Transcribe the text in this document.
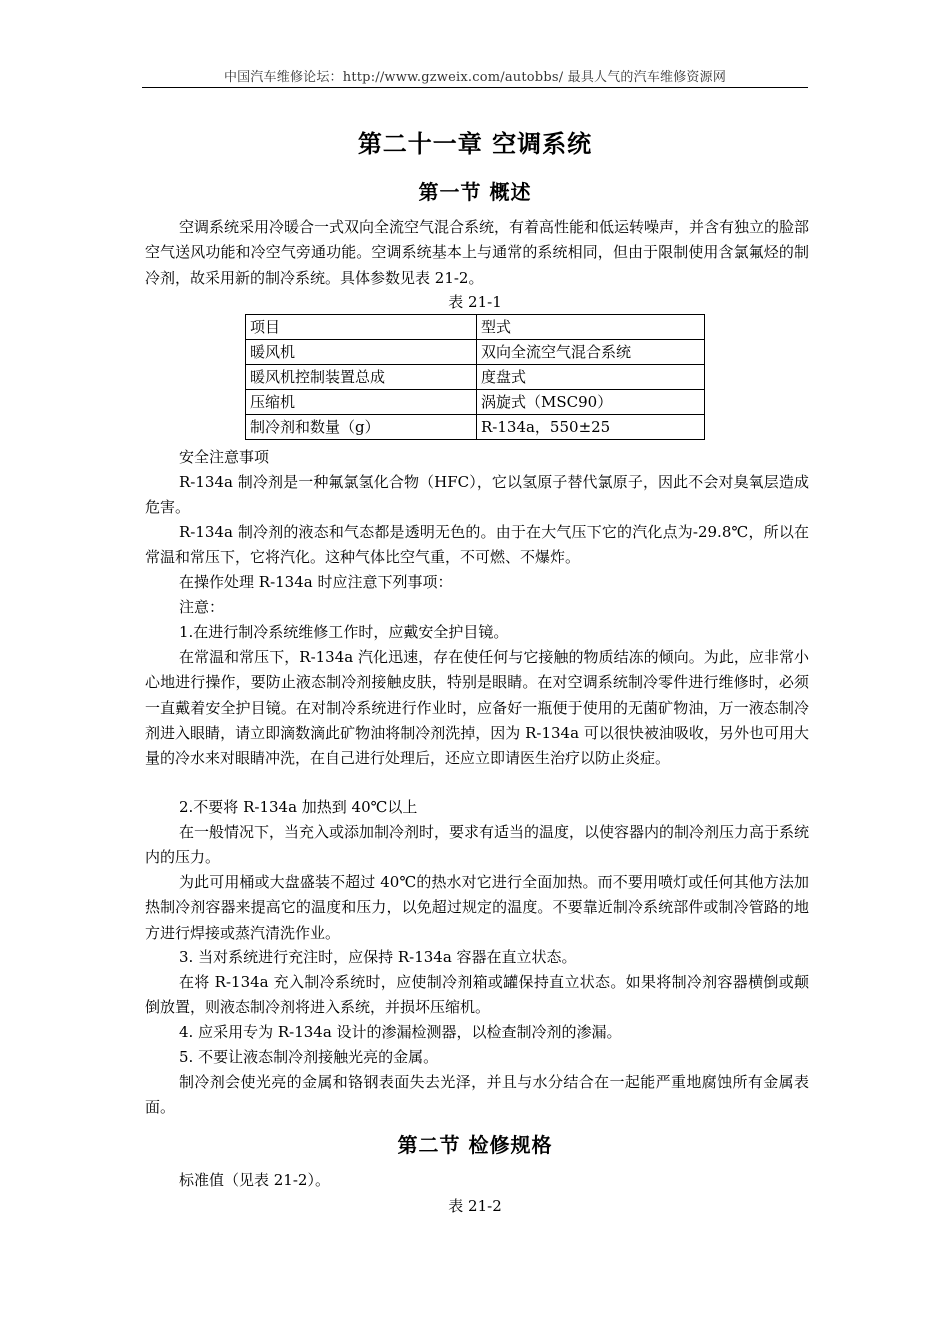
中国汽车维修论坛：http://www.gzweix.com/autobbs/ 最具人气的汽车维修资源网
第二十一章 空调系统
第一节 概述

空调系统采用冷暖合一式双向全流空气混合系统，有着高性能和低运转噪声，并含有独立的脸部空气送风功能和冷空气旁通功能。空调系统基本上与通常的系统相同，但由于限制使用含氯氟烃的制冷剂，故采用新的制冷系统。具体参数见表 21-2。

表 21-1
项目	型式
暖风机	双向全流空气混合系统
暖风机控制装置总成	度盘式
压缩机	涡旋式（MSC90）
制冷剂和数量（g）	R-134a，550±25

安全注意事项

R-134a 制冷剂是一种氟氯氢化合物（HFC），它以氢原子替代氯原子，因此不会对臭氧层造成危害。

R-134a 制冷剂的液态和气态都是透明无色的。由于在大气压下它的汽化点为-29.8℃，所以在常温和常压下，它将汽化。这种气体比空气重，不可燃、不爆炸。

在操作处理 R-134a 时应注意下列事项：

注意：

1.在进行制冷系统维修工作时，应戴安全护目镜。

在常温和常压下，R-134a 汽化迅速，存在使任何与它接触的物质结冻的倾向。为此，应非常小心地进行操作，要防止液态制冷剂接触皮肤，特别是眼睛。在对空调系统制冷零件进行维修时，必须一直戴着安全护目镜。在对制冷系统进行作业时，应备好一瓶便于使用的无菌矿物油，万一液态制冷剂进入眼睛，请立即滴数滴此矿物油将制冷剂洗掉，因为 R-134a 可以很快被油吸收，另外也可用大量的冷水来对眼睛冲洗，在自己进行处理后，还应立即请医生治疗以防止炎症。

2.不要将 R-134a 加热到 40℃以上

在一般情况下，当充入或添加制冷剂时，要求有适当的温度，以使容器内的制冷剂压力高于系统内的压力。

为此可用桶或大盘盛装不超过 40℃的热水对它进行全面加热。而不要用喷灯或任何其他方法加热制冷剂容器来提高它的温度和压力，以免超过规定的温度。不要靠近制冷系统部件或制冷管路的地方进行焊接或蒸汽清洗作业。

3. 当对系统进行充注时，应保持 R-134a 容器在直立状态。

在将 R-134a 充入制冷系统时，应使制冷剂箱或罐保持直立状态。如果将制冷剂容器横倒或颠倒放置，则液态制冷剂将进入系统，并损坏压缩机。

4. 应采用专为 R-134a 设计的渗漏检测器，以检查制冷剂的渗漏。

5. 不要让液态制冷剂接触光亮的金属。

制冷剂会使光亮的金属和铬钢表面失去光泽，并且与水分结合在一起能严重地腐蚀所有金属表面。

第二节 检修规格

标准值（见表 21-2）。

表 21-2
